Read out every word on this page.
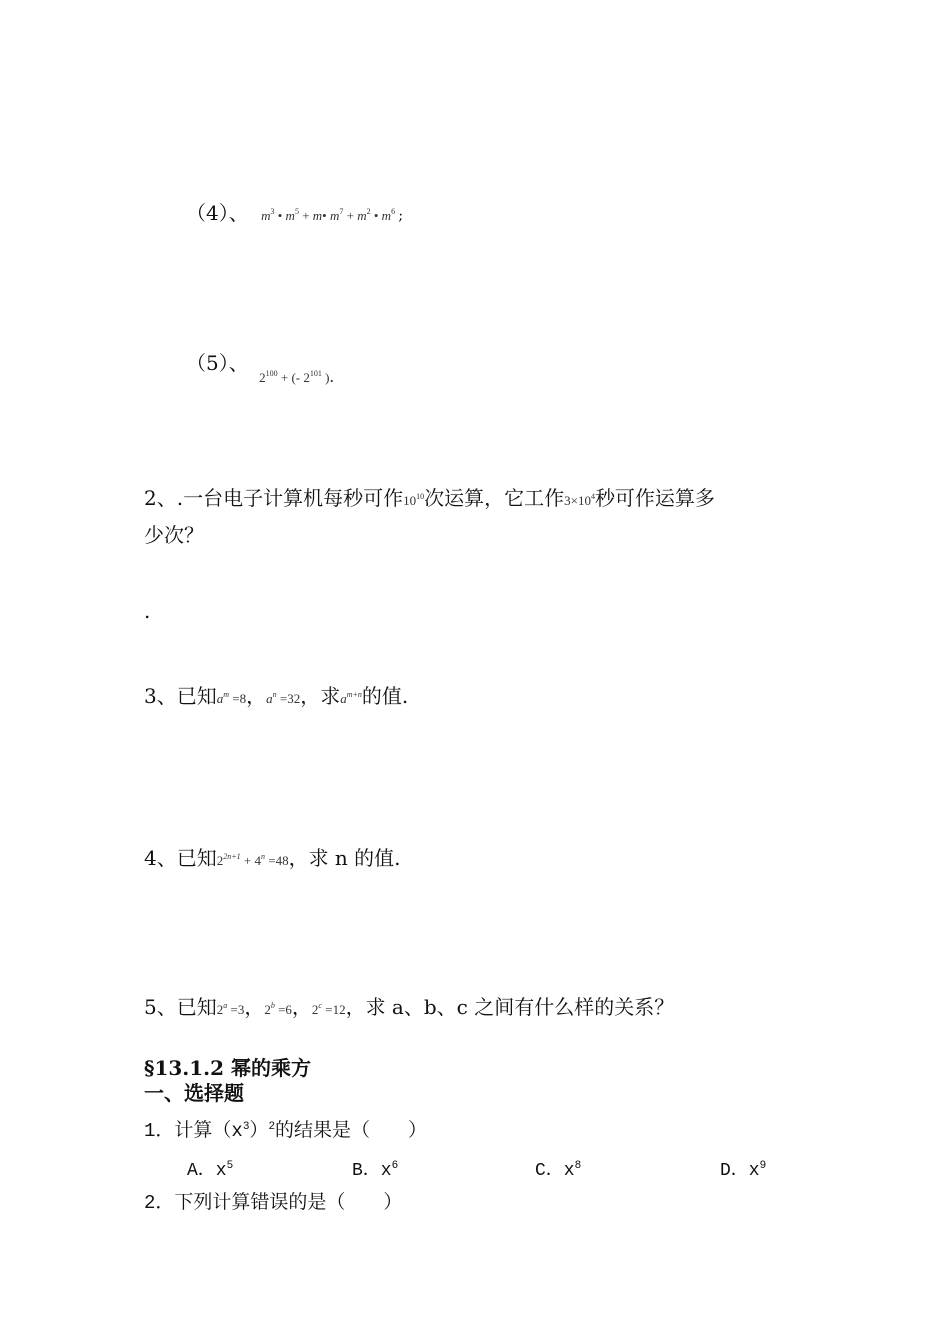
（4）、 $m^3$ • $m^5$ + m• $m^7 + m^2$ • $m^6$ ;
（5）、 $_{2^{100} + (- 2^{101} ).}$
2、.一台电子计算机每秒可作$10^{10}$次运算，它工作$3\times 10^4$秒可作运算多
少次？
.
3、已知$a^m =8$，$a^n =32$，求$a^{m+n}$的值.
4、已知$2^{2n+1} + 4^n =48$，求 n 的值.
5、已知$2^a =3$，$2^b =6$，$2^c =12$，求 a、b、c 之间有什么样的关系？
§13.1.2 幂的乘方
一、选择题
1．计算$(x^3)^2$的结果是（　　）
A．$x^5$	B．$x^6$	C．$x^8$	D．$x^9$
2．下列计算错误的是（　　）
